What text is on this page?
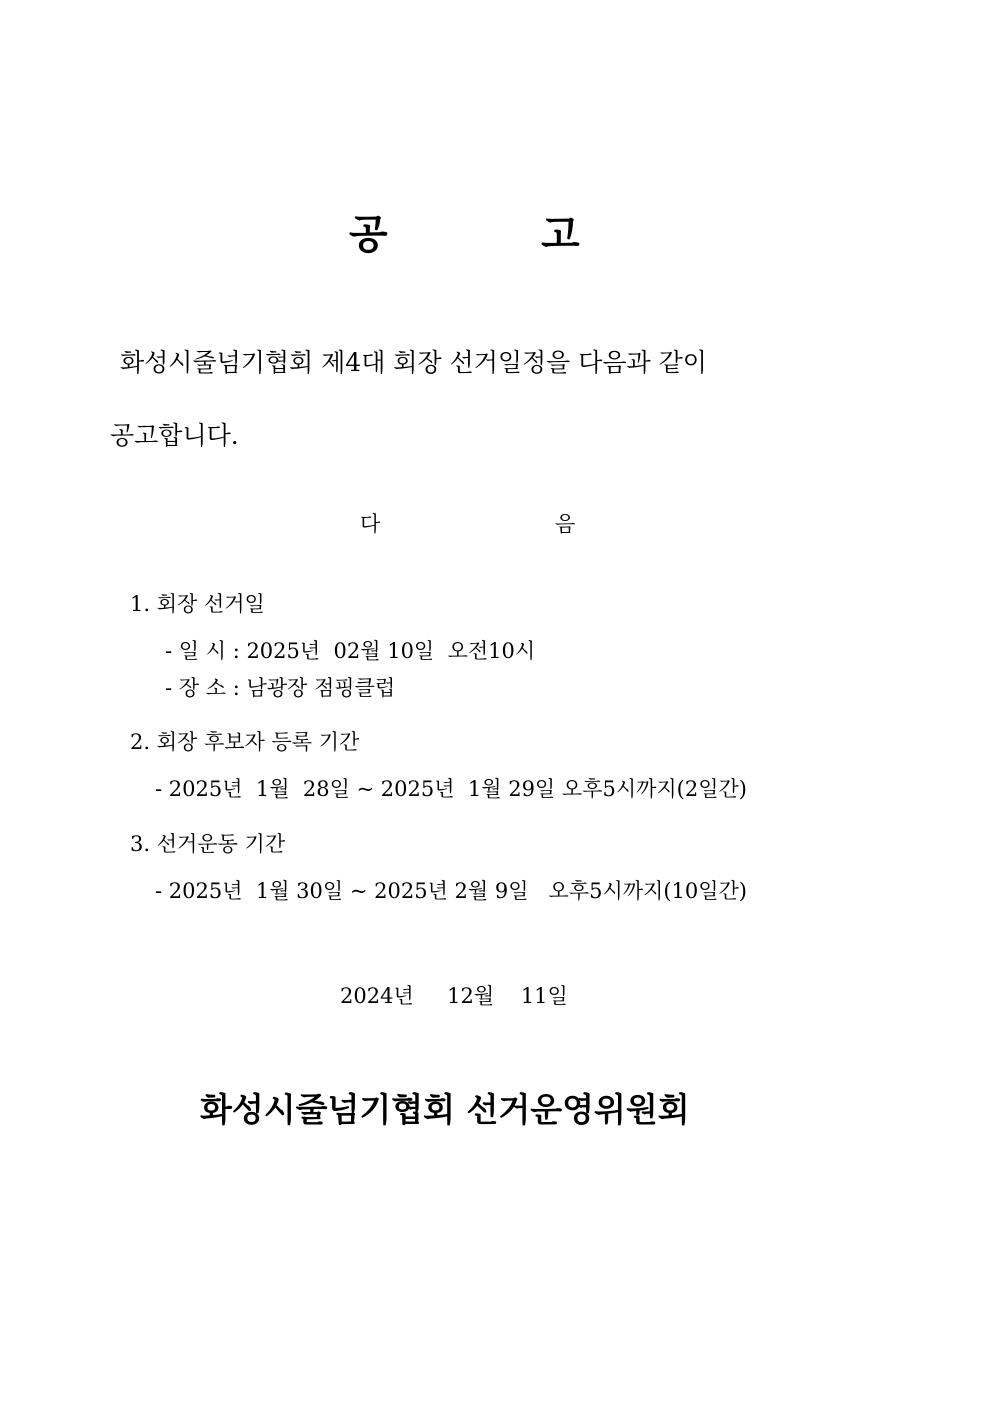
공	고
화성시줄넘기협회 제4대 회장 선거일정을 다음과 같이
공고합니다.
다	음
1. 회장 선거일
- 일 시 : 2025년  02월 10일  오전10시
- 장 소 : 남광장 점핑클럽
2. 회장 후보자 등록 기간
- 2025년  1월  28일 ~ 2025년  1월 29일 오후5시까지(2일간)
3. 선거운동 기간
- 2025년  1월 30일 ~ 2025년 2월 9일   오후5시까지(10일간)
2024년     12월    11일
화성시줄넘기협회 선거운영위원회
